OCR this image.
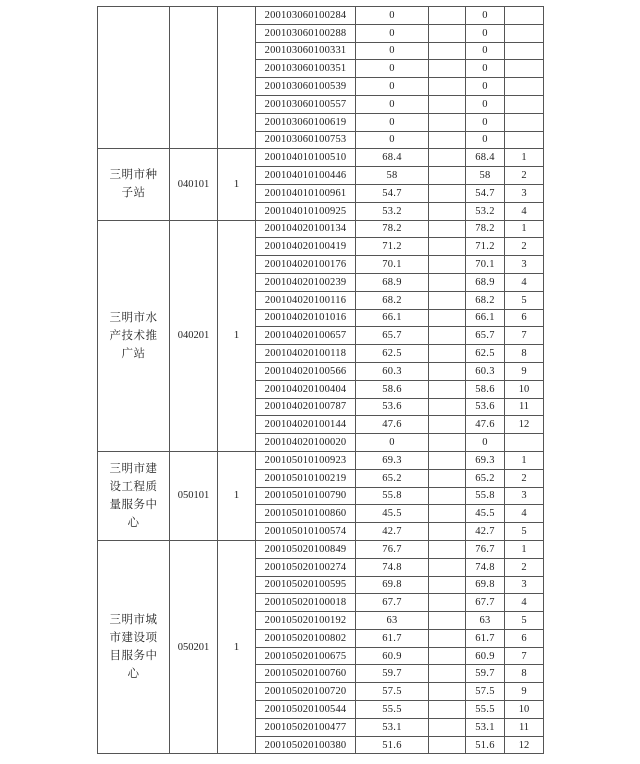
			200103060100284	0		0	
			200103060100288	0		0	
			200103060100331	0		0	
			200103060100351	0		0	
			200103060100539	0		0	
			200103060100557	0		0	
			200103060100619	0		0	
			200103060100753	0		0	
三明市种子站	040101	1	200104010100510	68.4		68.4	1
			200104010100446	58		58	2
			200104010100961	54.7		54.7	3
			200104010100925	53.2		53.2	4
三明市水产技术推广站	040201	1	200104020100134	78.2		78.2	1
			200104020100419	71.2		71.2	2
			200104020100176	70.1		70.1	3
			200104020100239	68.9		68.9	4
			200104020100116	68.2		68.2	5
			200104020101016	66.1		66.1	6
			200104020100657	65.7		65.7	7
			200104020100118	62.5		62.5	8
			200104020100566	60.3		60.3	9
			200104020100404	58.6		58.6	10
			200104020100787	53.6		53.6	11
			200104020100144	47.6		47.6	12
			200104020100020	0		0	
三明市建设工程质量服务中心	050101	1	200105010100923	69.3		69.3	1
			200105010100219	65.2		65.2	2
			200105010100790	55.8		55.8	3
			200105010100860	45.5		45.5	4
			200105010100574	42.7		42.7	5
三明市城市建设项目服务中心	050201	1	200105020100849	76.7		76.7	1
			200105020100274	74.8		74.8	2
			200105020100595	69.8		69.8	3
			200105020100018	67.7		67.7	4
			200105020100192	63		63	5
			200105020100802	61.7		61.7	6
			200105020100675	60.9		60.9	7
			200105020100760	59.7		59.7	8
			200105020100720	57.5		57.5	9
			200105020100544	55.5		55.5	10
			200105020100477	53.1		53.1	11
			200105020100380	51.6		51.6	12
